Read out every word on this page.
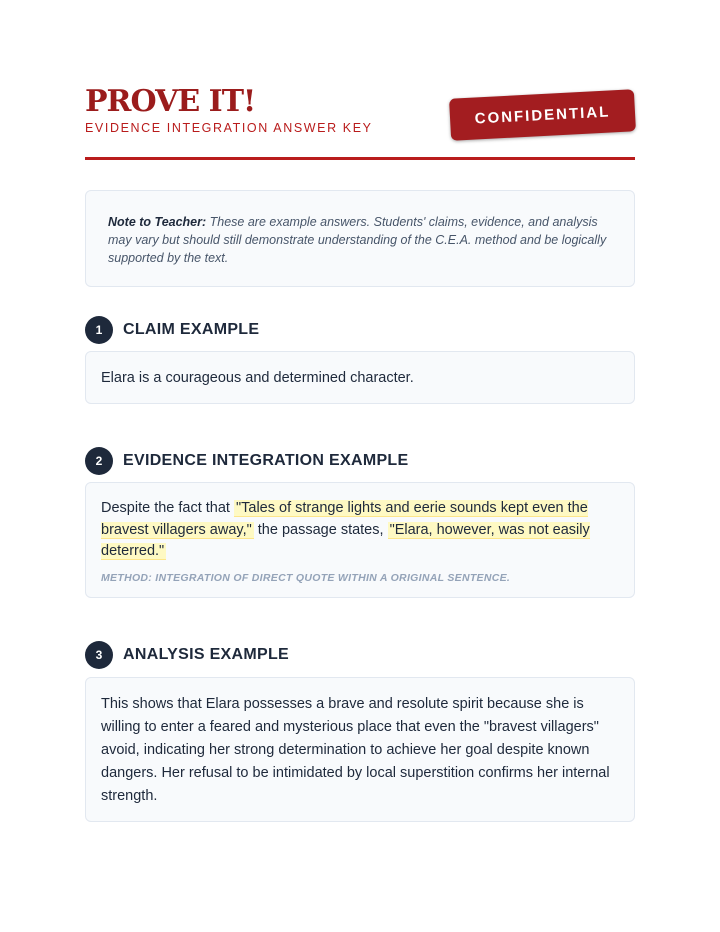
PROVE IT!
EVIDENCE INTEGRATION ANSWER KEY
CONFIDENTIAL
Note to Teacher: These are example answers. Students' claims, evidence, and analysis may vary but should still demonstrate understanding of the C.E.A. method and be logically supported by the text.
1	CLAIM EXAMPLE
Elara is a courageous and determined character.
2	EVIDENCE INTEGRATION EXAMPLE
Despite the fact that "Tales of strange lights and eerie sounds kept even the bravest villagers away," the passage states, "Elara, however, was not easily deterred."
METHOD: INTEGRATION OF DIRECT QUOTE WITHIN A ORIGINAL SENTENCE.
3	ANALYSIS EXAMPLE
This shows that Elara possesses a brave and resolute spirit because she is willing to enter a feared and mysterious place that even the "bravest villagers" avoid, indicating her strong determination to achieve her goal despite known dangers. Her refusal to be intimidated by local superstition confirms her internal strength.
